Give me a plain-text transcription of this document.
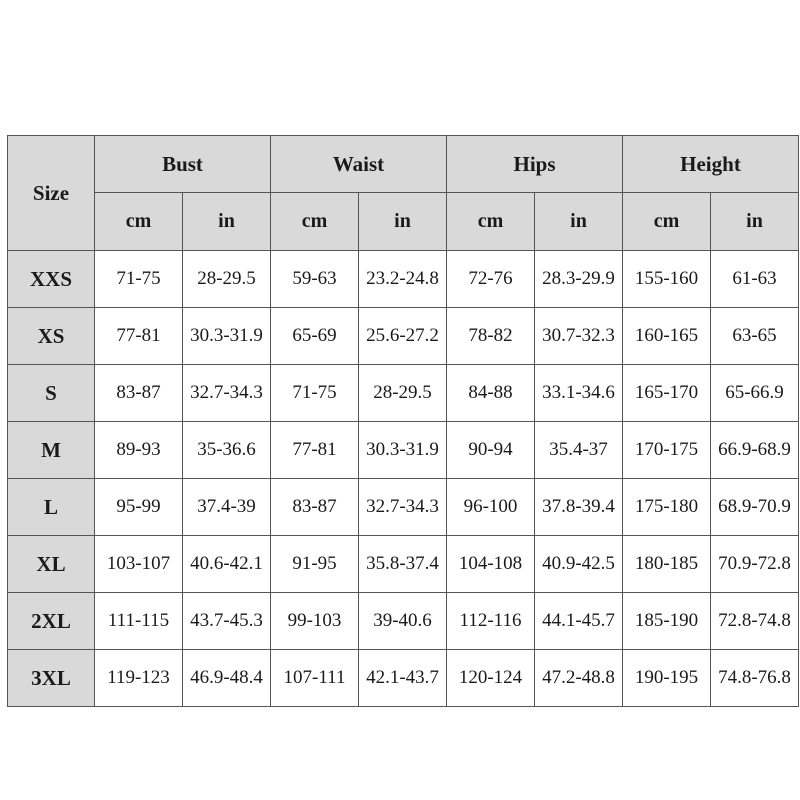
Size	Bust		Waist		Hips		Height	
	cm	in	cm	in	cm	in	cm	in
XXS	71-75	28-29.5	59-63	23.2-24.8	72-76	28.3-29.9	155-160	61-63
XS	77-81	30.3-31.9	65-69	25.6-27.2	78-82	30.7-32.3	160-165	63-65
S	83-87	32.7-34.3	71-75	28-29.5	84-88	33.1-34.6	165-170	65-66.9
M	89-93	35-36.6	77-81	30.3-31.9	90-94	35.4-37	170-175	66.9-68.9
L	95-99	37.4-39	83-87	32.7-34.3	96-100	37.8-39.4	175-180	68.9-70.9
XL	103-107	40.6-42.1	91-95	35.8-37.4	104-108	40.9-42.5	180-185	70.9-72.8
2XL	111-115	43.7-45.3	99-103	39-40.6	112-116	44.1-45.7	185-190	72.8-74.8
3XL	119-123	46.9-48.4	107-111	42.1-43.7	120-124	47.2-48.8	190-195	74.8-76.8
